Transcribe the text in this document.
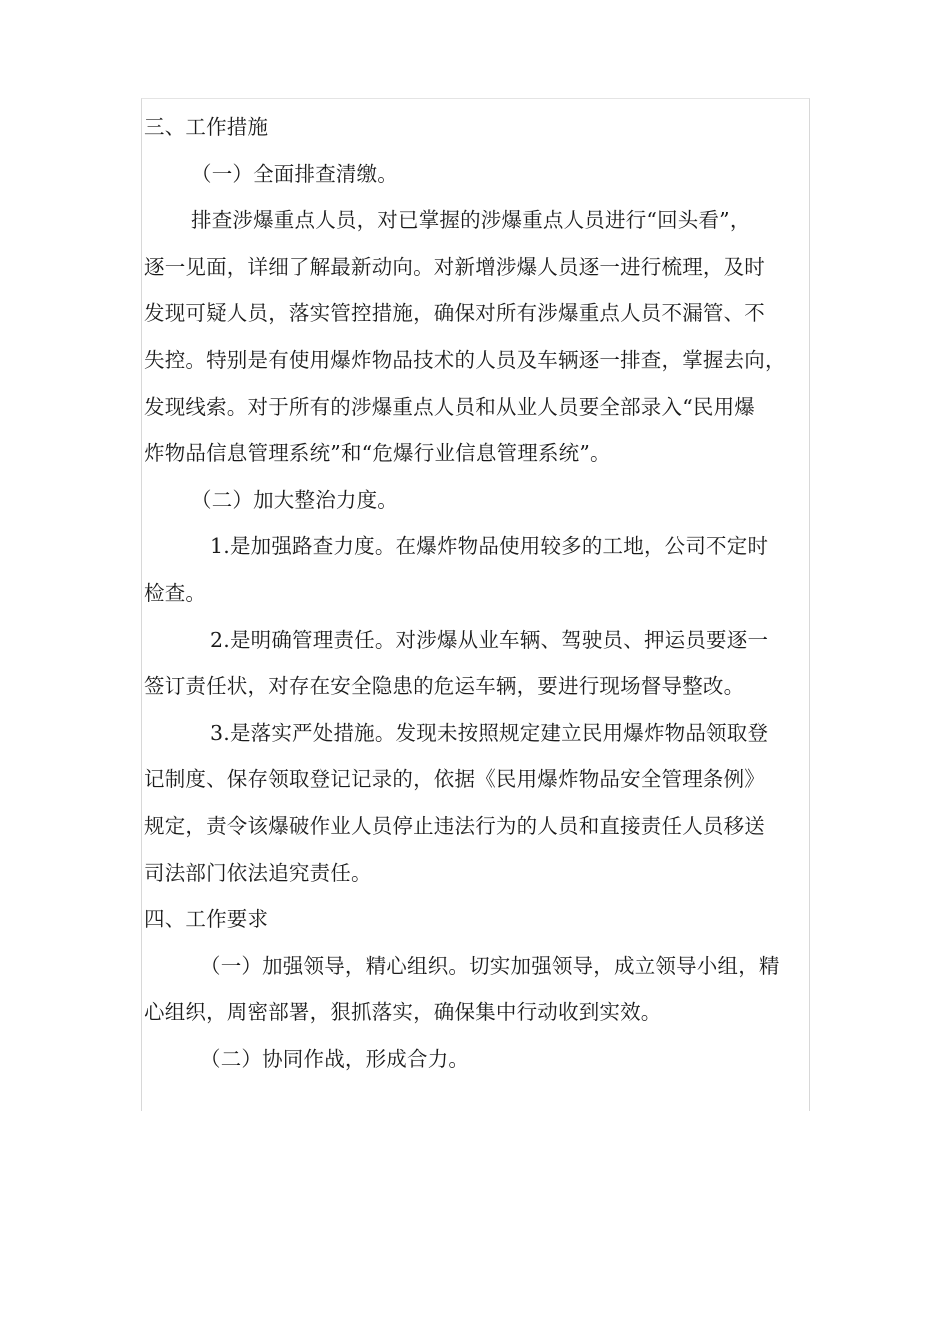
三、工作措施
（一）全面排查清缴。
排查涉爆重点人员，对已掌握的涉爆重点人员进行“回头看”，
逐一见面，详细了解最新动向。对新增涉爆人员逐一进行梳理，及时
发现可疑人员，落实管控措施，确保对所有涉爆重点人员不漏管、不
失控。特别是有使用爆炸物品技术的人员及车辆逐一排查，掌握去向，
发现线索。对于所有的涉爆重点人员和从业人员要全部录入“民用爆
炸物品信息管理系统”和“危爆行业信息管理系统”。
（二）加大整治力度。
1.是加强路查力度。在爆炸物品使用较多的工地，公司不定时
检查。
2.是明确管理责任。对涉爆从业车辆、驾驶员、押运员要逐一
签订责任状，对存在安全隐患的危运车辆，要进行现场督导整改。
3.是落实严处措施。发现未按照规定建立民用爆炸物品领取登
记制度、保存领取登记记录的，依据《民用爆炸物品安全管理条例》
规定，责令该爆破作业人员停止违法行为的人员和直接责任人员移送
司法部门依法追究责任。
四、工作要求
（一）加强领导，精心组织。切实加强领导，成立领导小组，精
心组织，周密部署，狠抓落实，确保集中行动收到实效。
（二）协同作战，形成合力。
